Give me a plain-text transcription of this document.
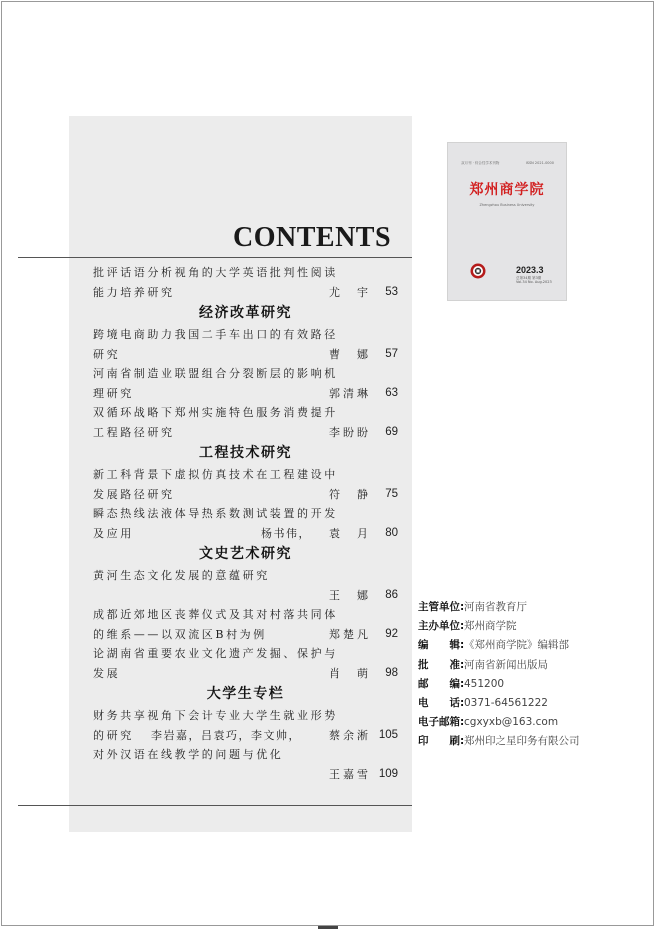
CONTENTS
批评话语分析视角的大学英语批判性阅读
能力培养研究	尤　宇 53
经济改革研究
跨境电商助力我国二手车出口的有效路径
研究	曹　娜 57
河南省制造业联盟组合分裂断层的影响机
理研究	郭清琳 63
双循环战略下郑州实施特色服务消费提升
工程路径研究	李盼盼 69
工程技术研究
新工科背景下虚拟仿真技术在工程建设中
发展路径研究	符　静 75
瞬态热线法液体导热系数测试装置的开发
及应用	杨书伟， 袁　月 80
文史艺术研究
黄河生态文化发展的意蕴研究
王　娜 86
成都近郊地区丧葬仪式及其对村落共同体
的维系——以双流区B村为例	郑楚凡 92
论湖南省重要农业文化遗产发掘、保护与
发展	肖　萌 98
大学生专栏
财务共享视角下会计专业大学生就业形势
的研究 李岩嘉，吕袁巧，李文帅，	蔡余淅 105
对外汉语在线教学的问题与优化
王嘉雪 109
双月刊 · 综合性学术刊物	ISSN 2021-0000
郑州商学院
Zhengzhou Business University
2023.3
总第34期 第3期
Vol.34 No. Aug.2023
主管单位:河南省教育厅
主办单位:郑州商学院
编　　辑:《郑州商学院》编辑部
批　　准:河南省新闻出版局
邮　　编:451200
电　　话:0371-64561222
电子邮箱:cgxyxb@163.com
印　　刷:郑州印之星印务有限公司
